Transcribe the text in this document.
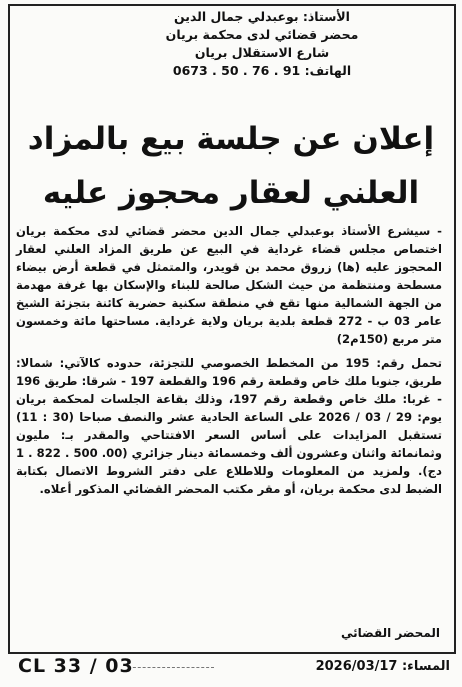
الأستاذ: بوعبدلي جمال الدين
محضر قضائي لدى محكمة بريان
شارع الاستقلال بريان
الهاتف: 91 . 76 . 50 . 0673
إعلان عن جلسة بيع بالمزاد
العلني لعقار محجوز عليه

- سيشرع الأستاذ بوعبدلي جمال الدين محضر قضائي لدى محكمة بريان اختصاص مجلس قضاء غرداية في البيع عن طريق المزاد العلني لعقار المحجوز عليه (ها) زروق محمد بن قويدر، والمتمثل في قطعة أرض بيضاء مسطحة ومنتظمة من حيث الشكل صالحة للبناء والإسكان بها غرفة مهدمة من الجهة الشمالية منها تقع في منطقة سكنية حضرية كائنة بتجزئة الشيخ عامر 03 ب - 272 قطعة بلدية بريان ولاية غرداية. مساحتها مائة وخمسون متر مربع (150م2)

تحمل رقم: 195 من المخطط الخصوصي للتجزئة، حدوده كالآتي: شمالا: طريق، جنوبا ملك خاص وقطعة رقم 196 والقطعة 197 - شرقا: طريق 196 - غربا: ملك خاص وقطعة رقم 197، وذلك بقاعة الجلسات لمحكمة بريان يوم: 29 / 03 / 2026 على الساعة الحادية عشر والنصف صباحا (30 : 11) تستقبل المزايدات على أساس السعر الافتتاحي والمقدر بـ: مليون وثمانمائة واثنان وعشرون ألف وخمسمائة دينار جزائري (00. 500 . 822 . 1 دج). ولمزيد من المعلومات وللاطلاع على دفتر الشروط الاتصال بكتابة الضبط لدى محكمة بريان، أو مقر مكتب المحضر القضائي المذكور أعلاه.

المحضر القضائي
المساء: 2026/03/17
CL 33 / 03
